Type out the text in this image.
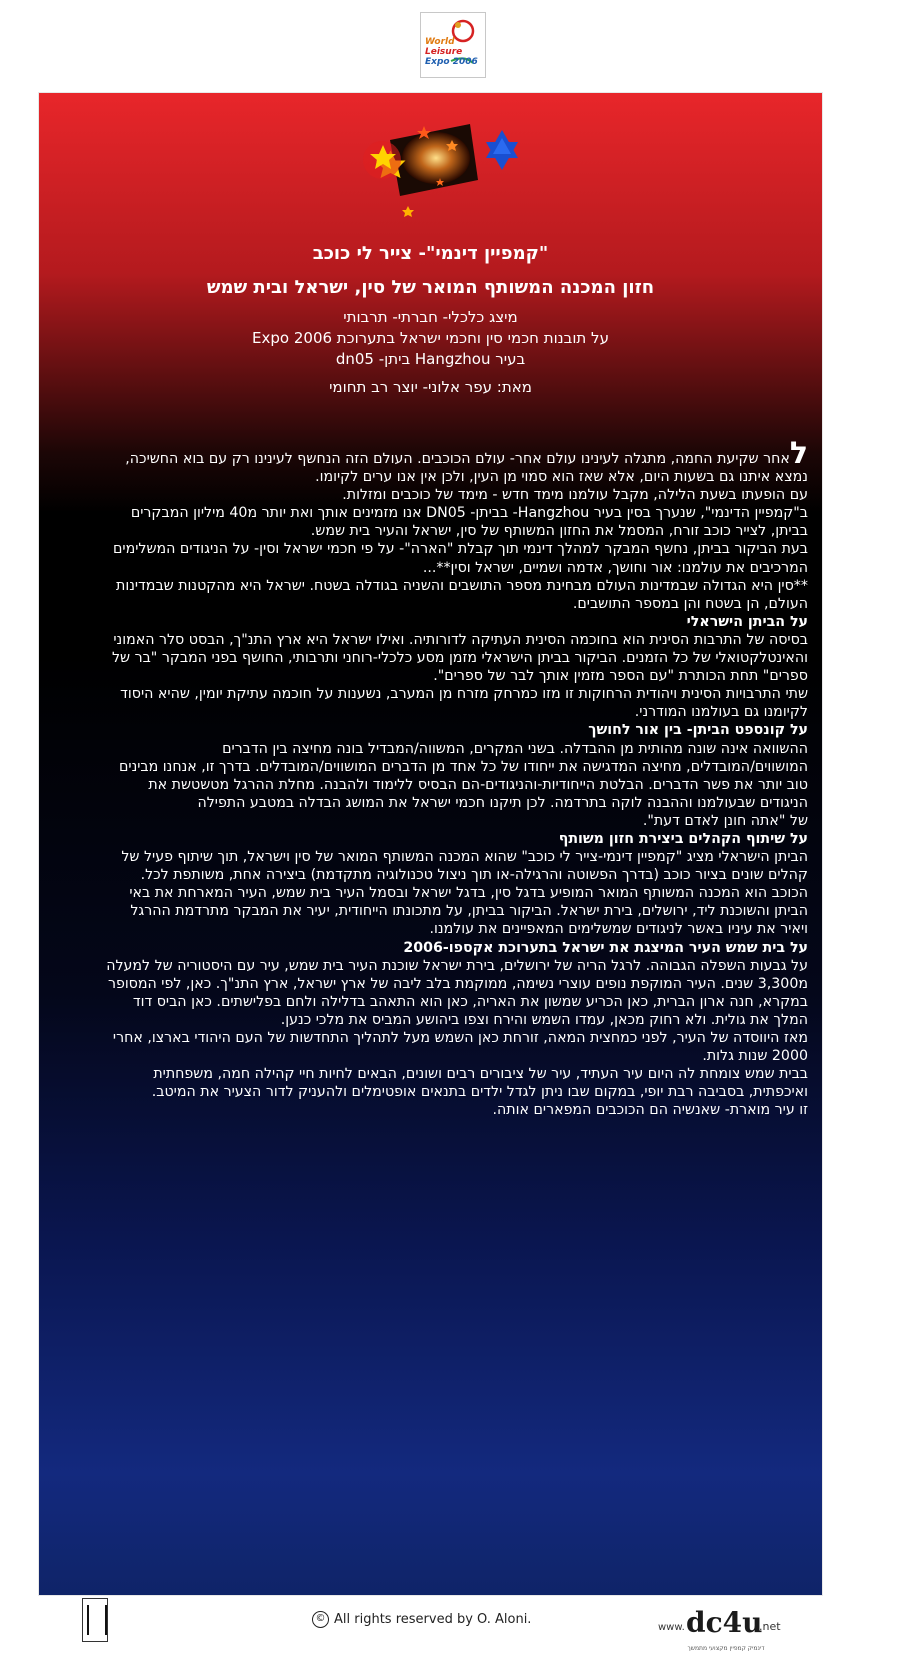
World
Leisure
Expo 2006
"קמפיין דינמי"- צייר לי כוכב
חזון המכנה המשותף המואר של סין, ישראל ובית שמש
מיצג כלכלי- חברתי- תרבותי
על תובנות חכמי סין וחכמי ישראל בתערוכת Expo 2006
בעיר Hangzhou ביתן- dn05
מאת: עפר אלוני- יוצר רב תחומי

לאחר שקיעת החמה, מתגלה לעינינו עולם אחר- עולם הכוכבים. העולם הזה הנחשף לעינינו רק עם בוא החשיכה, נמצא איתנו גם בשעות היום, אלא שאז הוא סמוי מן העין, ולכן אין אנו ערים לקיומו.

עם הופעתו בשעת הלילה, מקבל עולמנו מימד חדש - מימד של כוכבים ומזלות.

ב"קמפיין הדינמי", שנערך בסין בעיר Hangzhou- בביתן- DN05 אנו מזמינים אותך ואת יותר מ40 מיליון המבקרים בביתן, לצייר כוכב זורח, המסמל את החזון המשותף של סין, ישראל והעיר בית שמש.

בעת הביקור בביתן, נחשף המבקר למהלך דינמי תוך קבלת "הארה"- על פי חכמי ישראל וסין- על הניגודים המשלימים המרכיבים את עולמנו: אור וחושך, אדמה ושמיים, ישראל וסין**...

**סין היא הגדולה שבמדינות העולם מבחינת מספר התושבים והשניה בגודלה בשטח. ישראל היא מהקטנות שבמדינות העולם, הן בשטח והן במספר התושבים.

על הביתן הישראלי

בסיסה של התרבות הסינית הוא בחוכמה הסינית העתיקה לדורותיה. ואילו ישראל היא ארץ התנ"ך, הבסט סלר האמוני והאינטלקטואלי של כל הזמנים. הביקור בביתן הישראלי מזמן מסע כלכלי-רוחני ותרבותי, החושף בפני המבקר "בר של ספרים" תחת הכותרת "עם הספר מזמין אותך לבר של ספרים".

שתי התרבויות הסינית ויהודית הרחוקות זו מזו כמרחק מזרח מן המערב, נשענות על חוכמה עתיקת יומין, שהיא היסוד לקיומנו גם בעולמנו המודרני.

על קונספט הביתן- בין אור לחושך

ההשוואה אינה שונה מהותית מן ההבדלה. בשני המקרים, המשווה/המבדיל בונה מחיצה בין הדברים המושווים/המובדלים, מחיצה המדגישה את ייחודו של כל אחד מן הדברים המושווים/המובדלים. בדרך זו, אנחנו מבינים טוב יותר את פשר הדברים. הבלטת הייחודיות-והניגודים-הם הבסיס ללימוד ולהבנה. מחלת ההרגל מטשטשת את הניגודים שבעולמנו וההבנה לוקה בתרדמה. לכן תיקנו חכמי ישראל את המושג הבדלה במטבע התפילה

של "אתה חונן לאדם דעת".

על שיתוף הקהלים ביצירת חזון משותף

הביתן הישראלי מציג "קמפיין דינמי-צייר לי כוכב" שהוא המכנה המשותף המואר של סין וישראל, תוך שיתוף פעיל של קהלים שונים בציור כוכב (בדרך הפשוטה והרגילה-או תוך ניצול טכנולוגיה מתקדמת) ביצירה אחת, משותפת לכל.

הכוכב הוא המכנה המשותף המואר המופיע בדגל סין, בדגל ישראל ובסמל העיר בית שמש, העיר המארחת את באי הביתן והשוכנת ליד, ירושלים, בירת ישראל. הביקור בביתן, על מתכונתו הייחודית, יעיר את המבקר מתרדמת ההרגל ויאיר את עיניו באשר לניגודים שמשלימים המאפיינים את עולמנו.

על בית שמש העיר המיצגת את ישראל בתערוכת אקספו-2006

על גבעות השפלה הגבוהה. לרגל הריה של ירושלים, בירת ישראל שוכנת העיר בית שמש, עיר עם היסטוריה של למעלה מ3,300 שנים. העיר המוקפת נופים עוצרי נשימה, ממוקמת בלב ליבה של ארץ ישראל, ארץ התנ"ך. כאן, לפי המסופר במקרא, חנה ארון הברית, כאן הכריע שמשון את האריה, כאן הוא התאהב בדלילה ולחם בפלישתים. כאן הביס דוד המלך את גולית. ולא רחוק מכאן, עמדו השמש והירח וצפו ביהושע המביס את מלכי כנען.

מאז היווסדה של העיר, לפני כמחצית המאה, זורחת כאן השמש מעל לתהליך התחדשות של העם היהודי בארצו, אחרי 2000 שנות גלות.

בבית שמש צומחת לה היום עיר העתיד, עיר של ציבורים רבים ושונים, הבאים לחיות חיי קהילה חמה, משפחתית ואיכפתית, בסביבה רבת יופי, במקום שבו ניתן לגדל ילדים בתנאים אופטימלים ולהעניק לדור הצעיר את המיטב.

זו עיר מוארת- שאנשיה הם הכוכבים המפארים אותה.

© All rights reserved by O. Aloni.
www. dc4u
.net
דינמיק קמפיין מקצועי מתמשך
